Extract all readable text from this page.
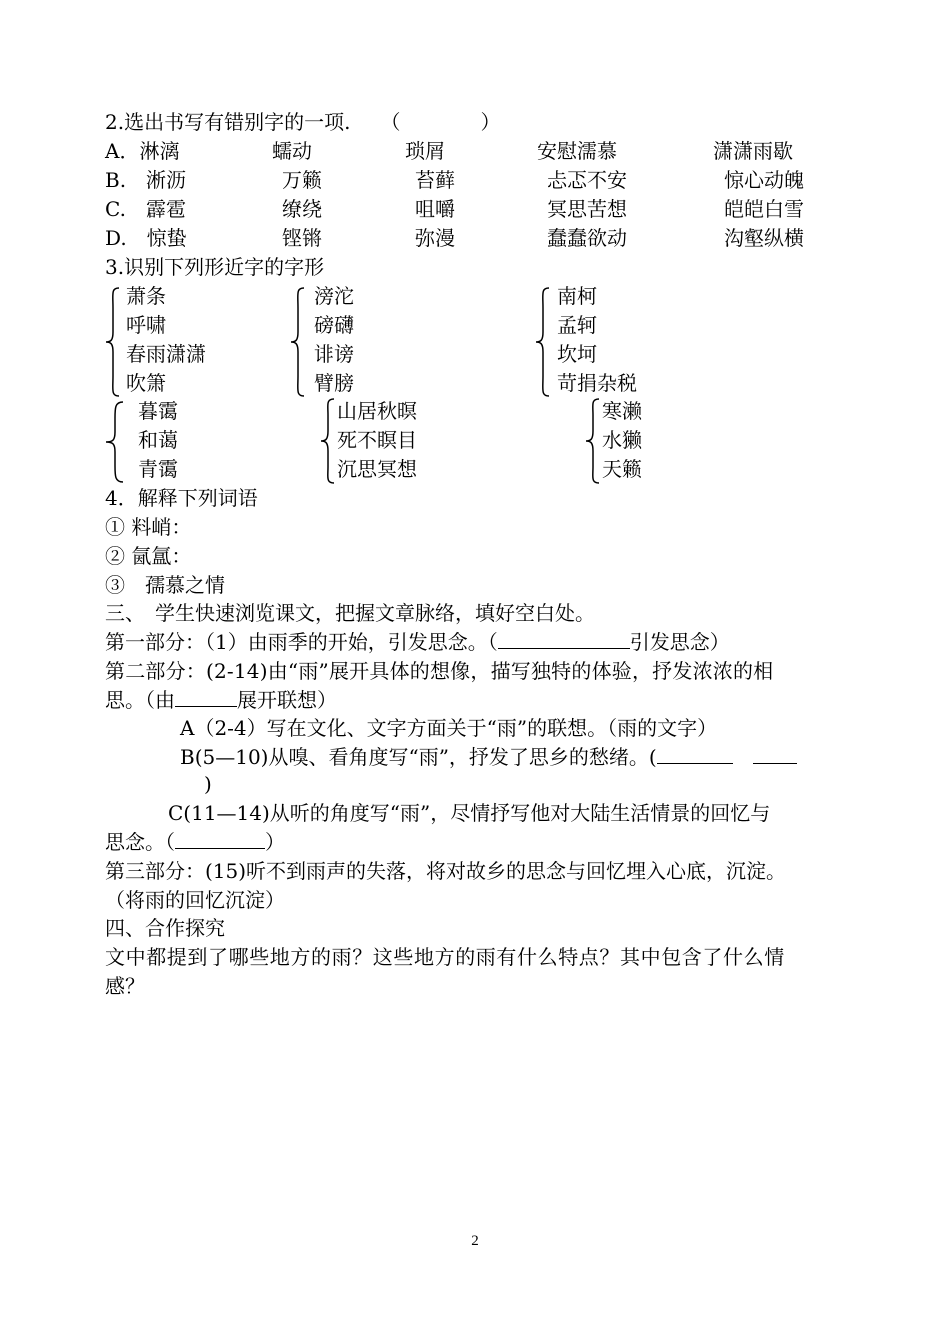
2.选出书写有错别字的一项.　　（　　　　）
A．淋漓	蠕动	琐屑	安慰濡慕	潇潇雨歇
B.　淅沥	万籁	苔藓	忐忑不安	惊心动魄
C.　霹雹	缭绕	咀嚼	冥思苦想	皑皑白雪
D.　惊蛰	铿锵	弥漫	蠢蠢欲动	沟壑纵横
3.识别下列形近字的字形
萧条
呼啸
春雨潇潇
吹箫
滂沱
磅礴
诽谤
臂膀
南柯
孟轲
坎坷
苛捐杂税
暮霭
和蔼
青霭
山居秋暝
死不瞑目
沉思冥想
寒濑
水獭
天籁
4．解释下列词语
① 料峭：
② 氤氲：
③　孺慕之情
三、　学生快速浏览课文，把握文章脉络，填好空白处。
第一部分：（1）由雨季的开始，引发思念。（	引发思念）
第二部分：(2-14)由“雨”展开具体的想像，描写独特的体验，抒发浓浓的相
思。（由	展开联想）
A（2-4）写在文化、文字方面关于“雨”的联想。（雨的文字）
B(5—10)从嗅、看角度写“雨”，抒发了思乡的愁绪。(
)
C(11—14)从听的角度写“雨”，尽情抒写他对大陆生活情景的回忆与
思念。（	）
第三部分：(15)听不到雨声的失落，将对故乡的思念与回忆埋入心底，沉淀。
（将雨的回忆沉淀）
四、合作探究
文中都提到了哪些地方的雨？这些地方的雨有什么特点？其中包含了什么情
感？
2
